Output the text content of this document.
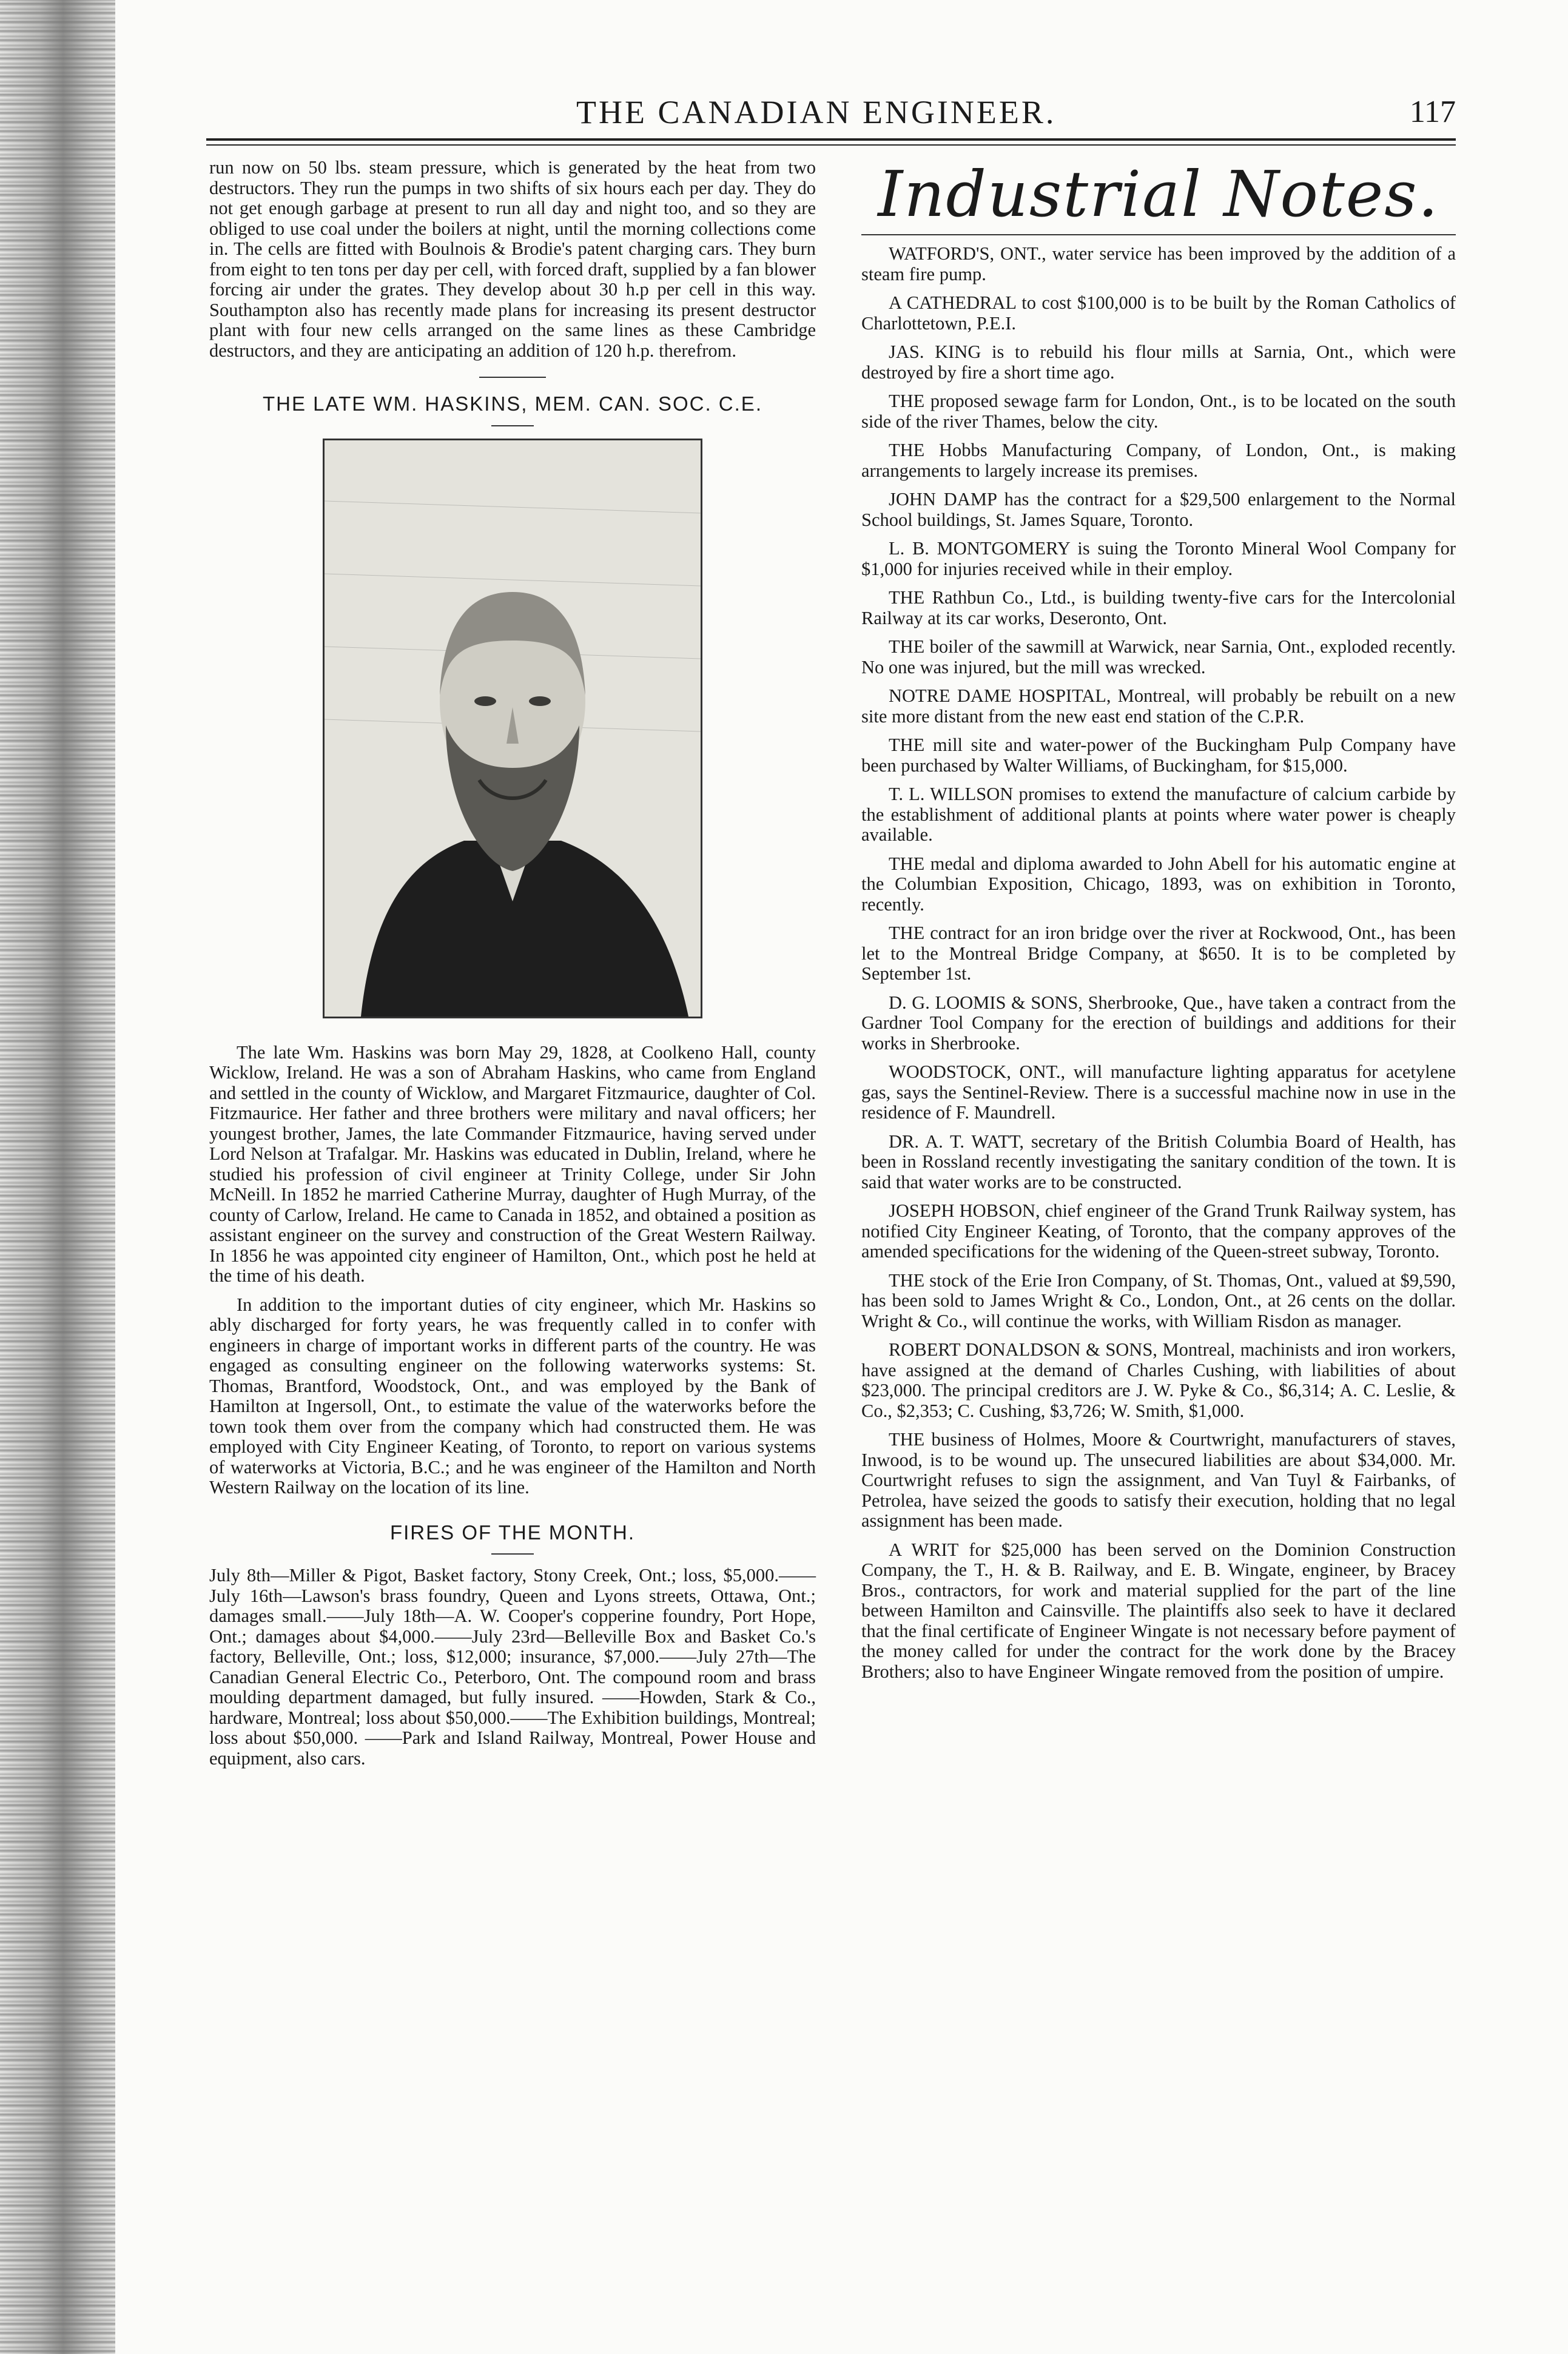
THE CANADIAN ENGINEER.	117

run now on 50 lbs. steam pressure, which is generated by the heat from two destructors. They run the pumps in two shifts of six hours each per day. They do not get enough garbage at present to run all day and night too, and so they are obliged to use coal under the boilers at night, until the morning collections come in. The cells are fitted with Boulnois & Brodie's patent charging cars. They burn from eight to ten tons per day per cell, with forced draft, supplied by a fan blower forcing air under the grates. They develop about 30 h.p per cell in this way. Southampton also has recently made plans for increasing its present destructor plant with four new cells arranged on the same lines as these Cambridge destructors, and they are anticipating an addition of 120 h.p. therefrom.

THE LATE WM. HASKINS, MEM. CAN. SOC. C.E.

The late Wm. Haskins was born May 29, 1828, at Coolkeno Hall, county Wicklow, Ireland. He was a son of Abraham Haskins, who came from England and settled in the county of Wicklow, and Margaret Fitzmaurice, daughter of Col. Fitzmaurice. Her father and three brothers were military and naval officers; her youngest brother, James, the late Commander Fitzmaurice, having served under Lord Nelson at Trafalgar. Mr. Haskins was educated in Dublin, Ireland, where he studied his profession of civil engineer at Trinity College, under Sir John McNeill. In 1852 he married Catherine Murray, daughter of Hugh Murray, of the county of Carlow, Ireland. He came to Canada in 1852, and obtained a position as assistant engineer on the survey and construction of the Great Western Railway. In 1856 he was appointed city engineer of Hamilton, Ont., which post he held at the time of his death.

In addition to the important duties of city engineer, which Mr. Haskins so ably discharged for forty years, he was frequently called in to confer with engineers in charge of important works in different parts of the country. He was engaged as consulting engineer on the following waterworks systems: St. Thomas, Brantford, Woodstock, Ont., and was employed by the Bank of Hamilton at Ingersoll, Ont., to estimate the value of the waterworks before the town took them over from the company which had constructed them. He was employed with City Engineer Keating, of Toronto, to report on various systems of waterworks at Victoria, B.C.; and he was engineer of the Hamilton and North Western Railway on the location of its line.

FIRES OF THE MONTH.

July 8th—Miller & Pigot, Basket factory, Stony Creek, Ont.; loss, $5,000.——July 16th—Lawson's brass foundry, Queen and Lyons streets, Ottawa, Ont.; damages small.——July 18th—A. W. Cooper's copperine foundry, Port Hope, Ont.; damages about $4,000.——July 23rd—Belleville Box and Basket Co.'s factory, Belleville, Ont.; loss, $12,000; insurance, $7,000.——July 27th—The Canadian General Electric Co., Peterboro, Ont. The compound room and brass moulding department damaged, but fully insured. ——Howden, Stark & Co., hardware, Montreal; loss about $50,000.——The Exhibition buildings, Montreal; loss about $50,000. ——Park and Island Railway, Montreal, Power House and equipment, also cars.

Industrial Notes.

WATFORD'S, ONT., water service has been improved by the addition of a steam fire pump.

A CATHEDRAL to cost $100,000 is to be built by the Roman Catholics of Charlottetown, P.E.I.

JAS. KING is to rebuild his flour mills at Sarnia, Ont., which were destroyed by fire a short time ago.

THE proposed sewage farm for London, Ont., is to be located on the south side of the river Thames, below the city.

THE Hobbs Manufacturing Company, of London, Ont., is making arrangements to largely increase its premises.

JOHN DAMP has the contract for a $29,500 enlargement to the Normal School buildings, St. James Square, Toronto.

L. B. MONTGOMERY is suing the Toronto Mineral Wool Company for $1,000 for injuries received while in their employ.

THE Rathbun Co., Ltd., is building twenty-five cars for the Intercolonial Railway at its car works, Deseronto, Ont.

THE boiler of the sawmill at Warwick, near Sarnia, Ont., exploded recently. No one was injured, but the mill was wrecked.

NOTRE DAME HOSPITAL, Montreal, will probably be rebuilt on a new site more distant from the new east end station of the C.P.R.

THE mill site and water-power of the Buckingham Pulp Company have been purchased by Walter Williams, of Buckingham, for $15,000.

T. L. WILLSON promises to extend the manufacture of calcium carbide by the establishment of additional plants at points where water power is cheaply available.

THE medal and diploma awarded to John Abell for his automatic engine at the Columbian Exposition, Chicago, 1893, was on exhibition in Toronto, recently.

THE contract for an iron bridge over the river at Rockwood, Ont., has been let to the Montreal Bridge Company, at $650. It is to be completed by September 1st.

D. G. LOOMIS & SONS, Sherbrooke, Que., have taken a contract from the Gardner Tool Company for the erection of buildings and additions for their works in Sherbrooke.

WOODSTOCK, ONT., will manufacture lighting apparatus for acetylene gas, says the Sentinel-Review. There is a successful machine now in use in the residence of F. Maundrell.

DR. A. T. WATT, secretary of the British Columbia Board of Health, has been in Rossland recently investigating the sanitary condition of the town. It is said that water works are to be constructed.

JOSEPH HOBSON, chief engineer of the Grand Trunk Railway system, has notified City Engineer Keating, of Toronto, that the company approves of the amended specifications for the widening of the Queen-street subway, Toronto.

THE stock of the Erie Iron Company, of St. Thomas, Ont., valued at $9,590, has been sold to James Wright & Co., London, Ont., at 26 cents on the dollar. Wright & Co., will continue the works, with William Risdon as manager.

ROBERT DONALDSON & SONS, Montreal, machinists and iron workers, have assigned at the demand of Charles Cushing, with liabilities of about $23,000. The principal creditors are J. W. Pyke & Co., $6,314; A. C. Leslie, & Co., $2,353; C. Cushing, $3,726; W. Smith, $1,000.

THE business of Holmes, Moore & Courtwright, manufacturers of staves, Inwood, is to be wound up. The unsecured liabilities are about $34,000. Mr. Courtwright refuses to sign the assignment, and Van Tuyl & Fairbanks, of Petrolea, have seized the goods to satisfy their execution, holding that no legal assignment has been made.

A WRIT for $25,000 has been served on the Dominion Construction Company, the T., H. & B. Railway, and E. B. Wingate, engineer, by Bracey Bros., contractors, for work and material supplied for the part of the line between Hamilton and Cainsville. The plaintiffs also seek to have it declared that the final certificate of Engineer Wingate is not necessary before payment of the money called for under the contract for the work done by the Bracey Brothers; also to have Engineer Wingate removed from the position of umpire.
